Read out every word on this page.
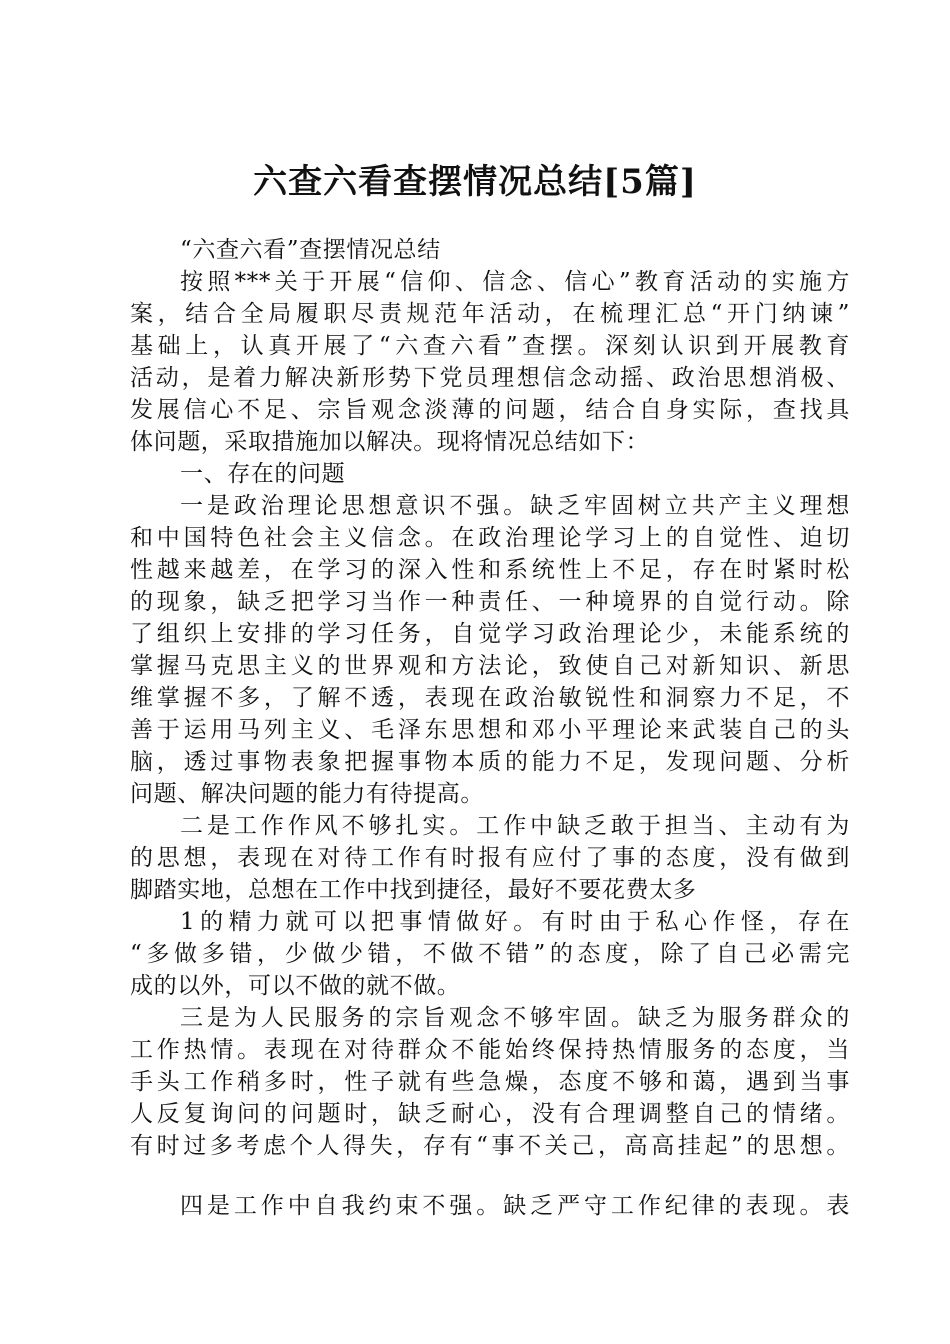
六查六看查摆情况总结[5篇]
“六查六看”查摆情况总结
按照***关于开展“信仰、信念、信心”教育活动的实施方
案，结合全局履职尽责规范年活动，在梳理汇总“开门纳谏”
基础上，认真开展了“六查六看”查摆。深刻认识到开展教育
活动，是着力解决新形势下党员理想信念动摇、政治思想消极、
发展信心不足、宗旨观念淡薄的问题，结合自身实际，查找具
体问题，采取措施加以解决。现将情况总结如下：
一、存在的问题
一是政治理论思想意识不强。缺乏牢固树立共产主义理想
和中国特色社会主义信念。在政治理论学习上的自觉性、迫切
性越来越差，在学习的深入性和系统性上不足，存在时紧时松
的现象，缺乏把学习当作一种责任、一种境界的自觉行动。除
了组织上安排的学习任务，自觉学习政治理论少，未能系统的
掌握马克思主义的世界观和方法论，致使自己对新知识、新思
维掌握不多，了解不透，表现在政治敏锐性和洞察力不足，不
善于运用马列主义、毛泽东思想和邓小平理论来武装自己的头
脑，透过事物表象把握事物本质的能力不足，发现问题、分析
问题、解决问题的能力有待提高。
二是工作作风不够扎实。工作中缺乏敢于担当、主动有为
的思想，表现在对待工作有时报有应付了事的态度，没有做到
脚踏实地，总想在工作中找到捷径，最好不要花费太多
1的精力就可以把事情做好。有时由于私心作怪，存在
“多做多错，少做少错，不做不错”的态度，除了自己必需完
成的以外，可以不做的就不做。
三是为人民服务的宗旨观念不够牢固。缺乏为服务群众的
工作热情。表现在对待群众不能始终保持热情服务的态度，当
手头工作稍多时，性子就有些急燥，态度不够和蔼，遇到当事
人反复询问的问题时，缺乏耐心，没有合理调整自己的情绪。
有时过多考虑个人得失，存有“事不关己，高高挂起”的思想。
四是工作中自我约束不强。缺乏严守工作纪律的表现。表
